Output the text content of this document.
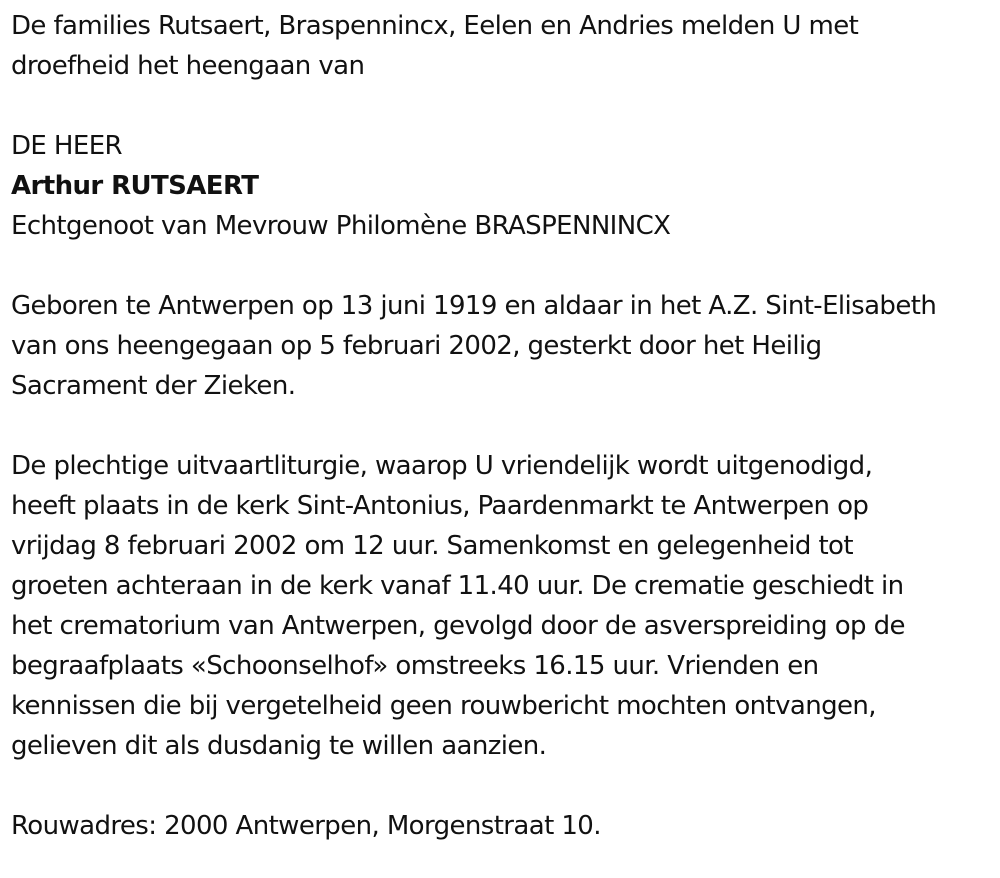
De families Rutsaert, Braspennincx, Eelen en Andries melden U met
droefheid het heengaan van

DE HEER

Arthur RUTSAERT

Echtgenoot van Mevrouw Philomène BRASPENNINCX

Geboren te Antwerpen op 13 juni 1919 en aldaar in het A.Z. Sint-Elisabeth
van ons heengegaan op 5 februari 2002, gesterkt door het Heilig
Sacrament der Zieken.

De plechtige uitvaartliturgie, waarop U vriendelijk wordt uitgenodigd,
heeft plaats in de kerk Sint-Antonius, Paardenmarkt te Antwerpen op
vrijdag 8 februari 2002 om 12 uur. Samenkomst en gelegenheid tot
groeten achteraan in de kerk vanaf 11.40 uur. De crematie geschiedt in
het crematorium van Antwerpen, gevolgd door de asverspreiding op de
begraafplaats «Schoonselhof» omstreeks 16.15 uur. Vrienden en
kennissen die bij vergetelheid geen rouwbericht mochten ontvangen,
gelieven dit als dusdanig te willen aanzien.

Rouwadres: 2000 Antwerpen, Morgenstraat 10.
